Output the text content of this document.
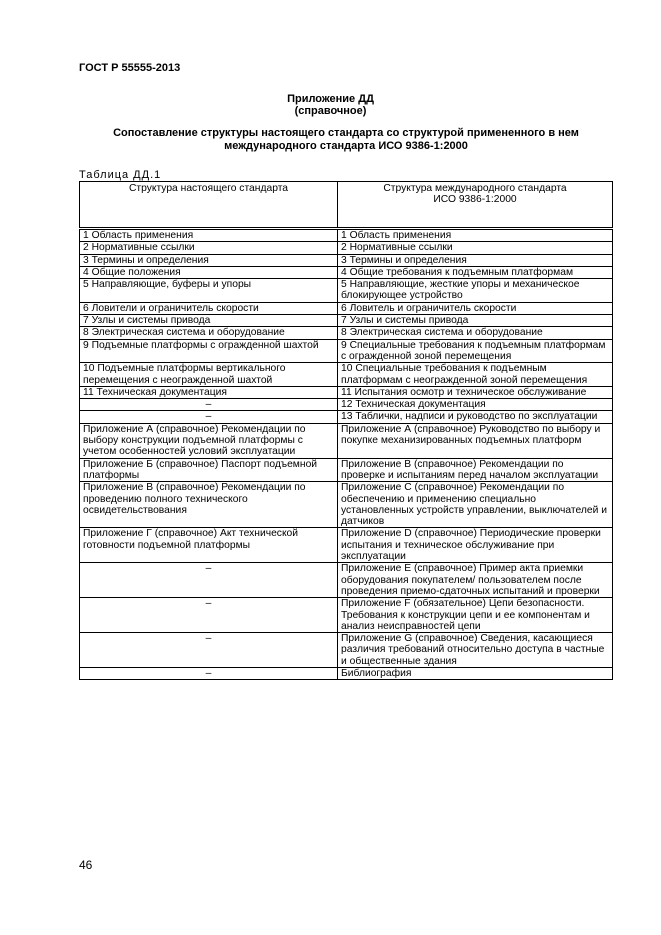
ГОСТ Р 55555-2013
Приложение ДД
(справочное)
Сопоставление структуры настоящего стандарта со структурой примененного в нем
международного стандарта ИСО 9386-1:2000
Таблица ДД.1
Структура настоящего стандарта	Структура международного стандарта
ИСО 9386-1:2000

1 Область применения	1 Область применения
2 Нормативные ссылки	2 Нормативные ссылки
3 Термины и определения	3 Термины и определения
4 Общие положения	4 Общие требования к подъемным платформам
5 Направляющие, буферы и упоры	5 Направляющие, жесткие упоры и механическое блокирующее устройство
6 Ловители и ограничитель скорости	6 Ловитель и ограничитель скорости
7 Узлы и системы привода	7 Узлы и системы привода
8 Электрическая система и оборудование	8 Электрическая система и оборудование
9 Подъемные платформы с огражденной шахтой	9 Специальные требования к подъемным платформам с огражденной зоной перемещения
10 Подъемные платформы вертикального перемещения с неогражденной шахтой	10 Специальные требования к подъемным платформам с неогражденной зоной перемещения
11 Техническая документация	11 Испытания осмотр и техническое обслуживание
–	12 Техническая документация
–	13 Таблички, надписи и руководство по эксплуатации
Приложение А (справочное) Рекомендации по выбору конструкции подъемной платформы с учетом особенностей условий эксплуатации	Приложение А (справочное) Руководство по выбору и покупке механизированных подъемных платформ
Приложение Б (справочное) Паспорт подъемной платформы	Приложение В (справочное) Рекомендации по проверке и испытаниям перед началом эксплуатации
Приложение В (справочное) Рекомендации по проведению полного технического освидетельствования	Приложение С (справочное) Рекомендации по обеспечению и применению специально установленных устройств управлении, выключателей и датчиков
Приложение Г (справочное) Акт технической готовности подъемной платформы	Приложение D (справочное) Периодические проверки испытания и техническое обслуживание при эксплуатации
–	Приложение Е (справочное) Пример акта приемки оборудования покупателем/ пользователем после проведения приемо-сдаточных испытаний и проверки
–	Приложение F (обязательное) Цепи безопасности. Требования к конструкции цепи и ее компонентам и анализ неисправностей цепи
–	Приложение G (справочное) Сведения, касающиеся различия требований относительно доступа в частные и общественные здания
–	Библиография
46
